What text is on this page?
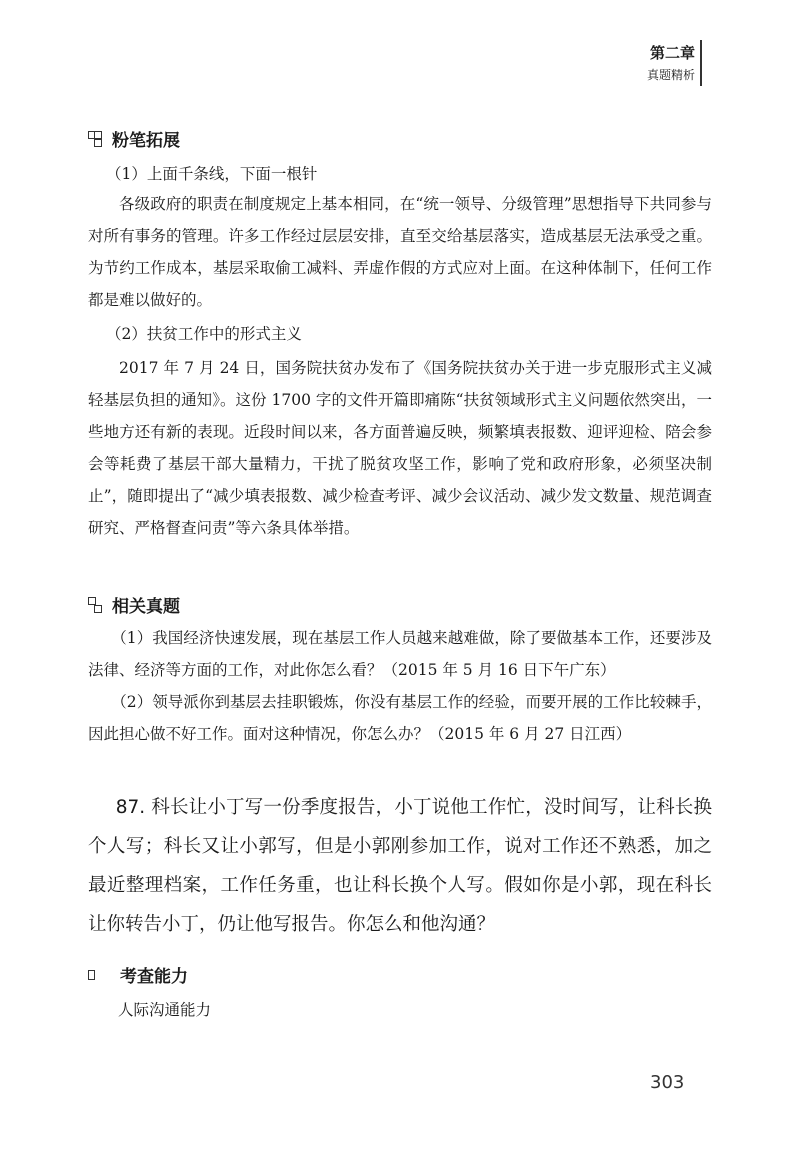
第二章
真题精析
粉笔拓展
（1）上面千条线，下面一根针
各级政府的职责在制度规定上基本相同，在“统一领导、分级管理”思想指导下共同参与对所有事务的管理。许多工作经过层层安排，直至交给基层落实，造成基层无法承受之重。为节约工作成本，基层采取偷工减料、弄虚作假的方式应对上面。在这种体制下，任何工作都是难以做好的。
（2）扶贫工作中的形式主义
2017 年 7 月 24 日，国务院扶贫办发布了《国务院扶贫办关于进一步克服形式主义减轻基层负担的通知》。这份 1700 字的文件开篇即痛陈“扶贫领域形式主义问题依然突出，一些地方还有新的表现。近段时间以来，各方面普遍反映，频繁填表报数、迎评迎检、陪会参会等耗费了基层干部大量精力，干扰了脱贫攻坚工作，影响了党和政府形象，必须坚决制止”，随即提出了“减少填表报数、减少检查考评、减少会议活动、减少发文数量、规范调查研究、严格督查问责”等六条具体举措。
相关真题
（1）我国经济快速发展，现在基层工作人员越来越难做，除了要做基本工作，还要涉及法律、经济等方面的工作，对此你怎么看？（2015 年 5 月 16 日下午广东）
（2）领导派你到基层去挂职锻炼，你没有基层工作的经验，而要开展的工作比较棘手，因此担心做不好工作。面对这种情况，你怎么办？（2015 年 6 月 27 日江西）
87. 科长让小丁写一份季度报告，小丁说他工作忙，没时间写，让科长换个人写；科长又让小郭写，但是小郭刚参加工作，说对工作还不熟悉，加之最近整理档案，工作任务重，也让科长换个人写。假如你是小郭，现在科长让你转告小丁，仍让他写报告。你怎么和他沟通？
考查能力
人际沟通能力
303
